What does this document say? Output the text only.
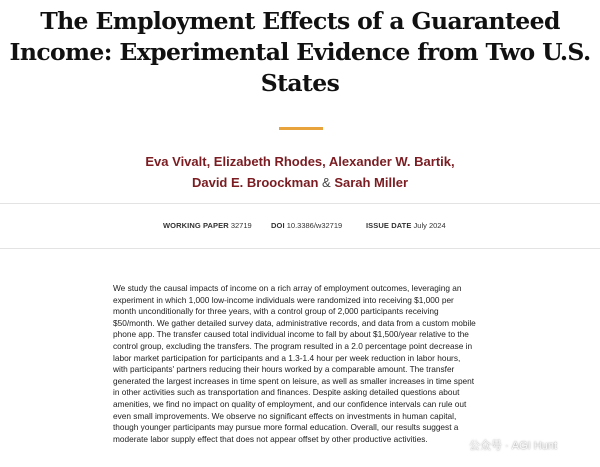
The Employment Effects of a Guaranteed
Income: Experimental Evidence from Two U.S.
States
Eva Vivalt, Elizabeth Rhodes, Alexander W. Bartik,
David E. Broockman & Sarah Miller
WORKING PAPER 32719	DOI 10.3386/w32719	ISSUE DATE July 2024

We study the causal impacts of income on a rich array of employment outcomes, leveraging an
experiment in which 1,000 low-income individuals were randomized into receiving $1,000 per
month unconditionally for three years, with a control group of 2,000 participants receiving
$50/month. We gather detailed survey data, administrative records, and data from a custom mobile
phone app. The transfer caused total individual income to fall by about $1,500/year relative to the
control group, excluding the transfers. The program resulted in a 2.0 percentage point decrease in
labor market participation for participants and a 1.3-1.4 hour per week reduction in labor hours,
with participants' partners reducing their hours worked by a comparable amount. The transfer
generated the largest increases in time spent on leisure, as well as smaller increases in time spent
in other activities such as transportation and finances. Despite asking detailed questions about
amenities, we find no impact on quality of employment, and our confidence intervals can rule out
even small improvements. We observe no significant effects on investments in human capital,
though younger participants may pursue more formal education. Overall, our results suggest a
moderate labor supply effect that does not appear offset by other productive activities.

公众号 · AGI Hunt
